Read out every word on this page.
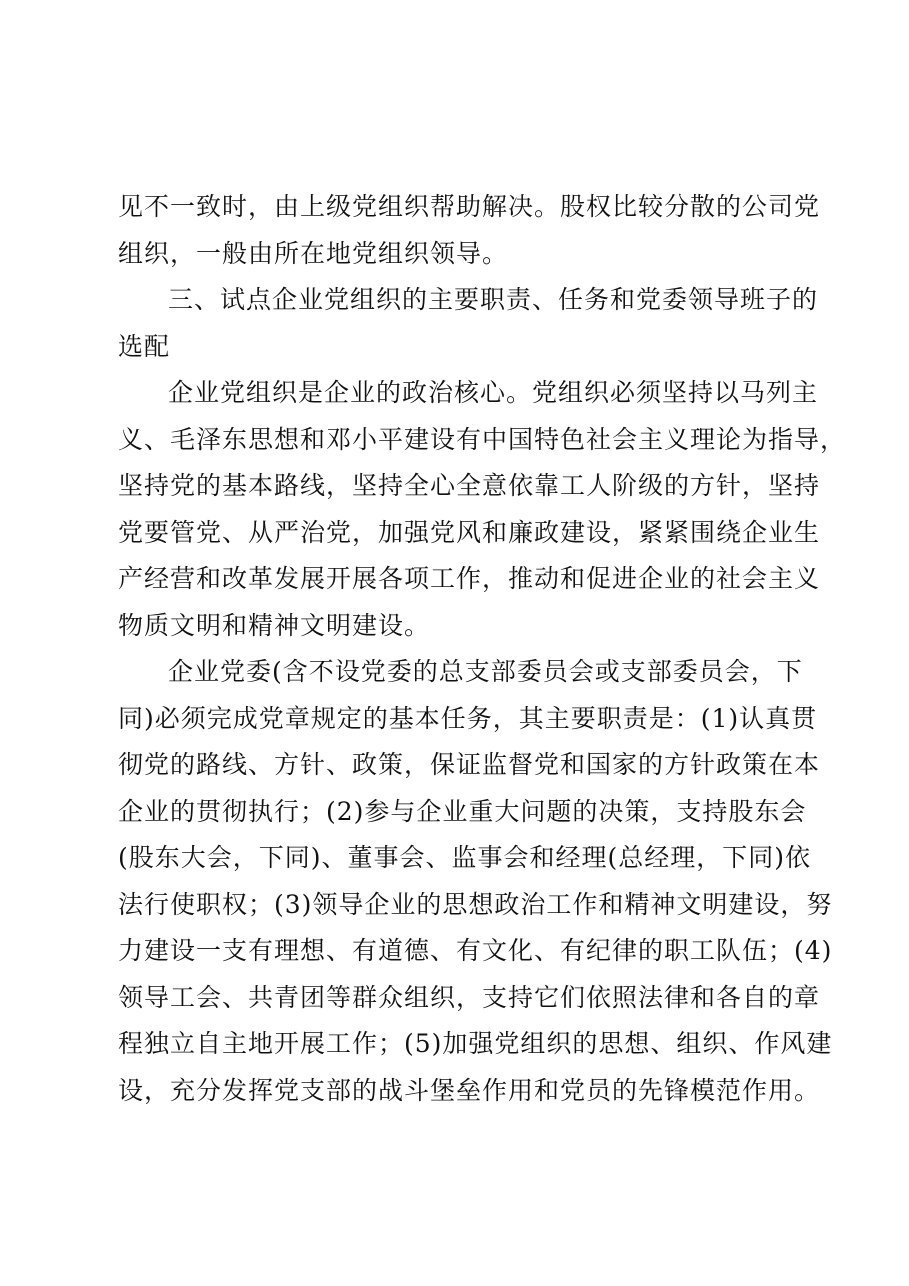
见不一致时，由上级党组织帮助解决。股权比较分散的公司党
组织，一般由所在地党组织领导。
三、试点企业党组织的主要职责、任务和党委领导班子的
选配
企业党组织是企业的政治核心。党组织必须坚持以马列主
义、毛泽东思想和邓小平建设有中国特色社会主义理论为指导，
坚持党的基本路线，坚持全心全意依靠工人阶级的方针，坚持
党要管党、从严治党，加强党风和廉政建设，紧紧围绕企业生
产经营和改革发展开展各项工作，推动和促进企业的社会主义
物质文明和精神文明建设。
企业党委(含不设党委的总支部委员会或支部委员会，下
同)必须完成党章规定的基本任务，其主要职责是：(1)认真贯
彻党的路线、方针、政策，保证监督党和国家的方针政策在本
企业的贯彻执行；(2)参与企业重大问题的决策，支持股东会
(股东大会，下同)、董事会、监事会和经理(总经理，下同)依
法行使职权；(3)领导企业的思想政治工作和精神文明建设，努
力建设一支有理想、有道德、有文化、有纪律的职工队伍；(4)
领导工会、共青团等群众组织，支持它们依照法律和各自的章
程独立自主地开展工作；(5)加强党组织的思想、组织、作风建
设，充分发挥党支部的战斗堡垒作用和党员的先锋模范作用。
